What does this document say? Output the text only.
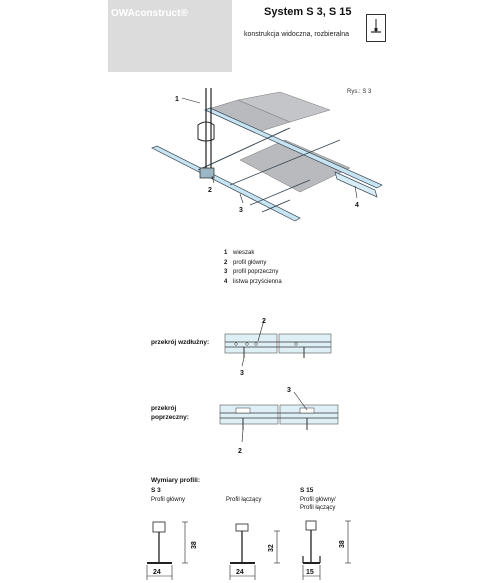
OWAconstruct®	System S 3, S 15
konstrukcja widoczna, rozbieralna
Rys.: S 3
1
2
3
4
2
3
3
2
24
38
24
32
15
38
1 wieszak
2 profil główny
3 profil poprzeczny
4 listwa przyścienna
przekrój wzdłużny:
przekrój
poprzeczny:
Wymiary profili:
S 3
Profil główny	Profil łączący
S 15
Profil główny/
Profil łączący
